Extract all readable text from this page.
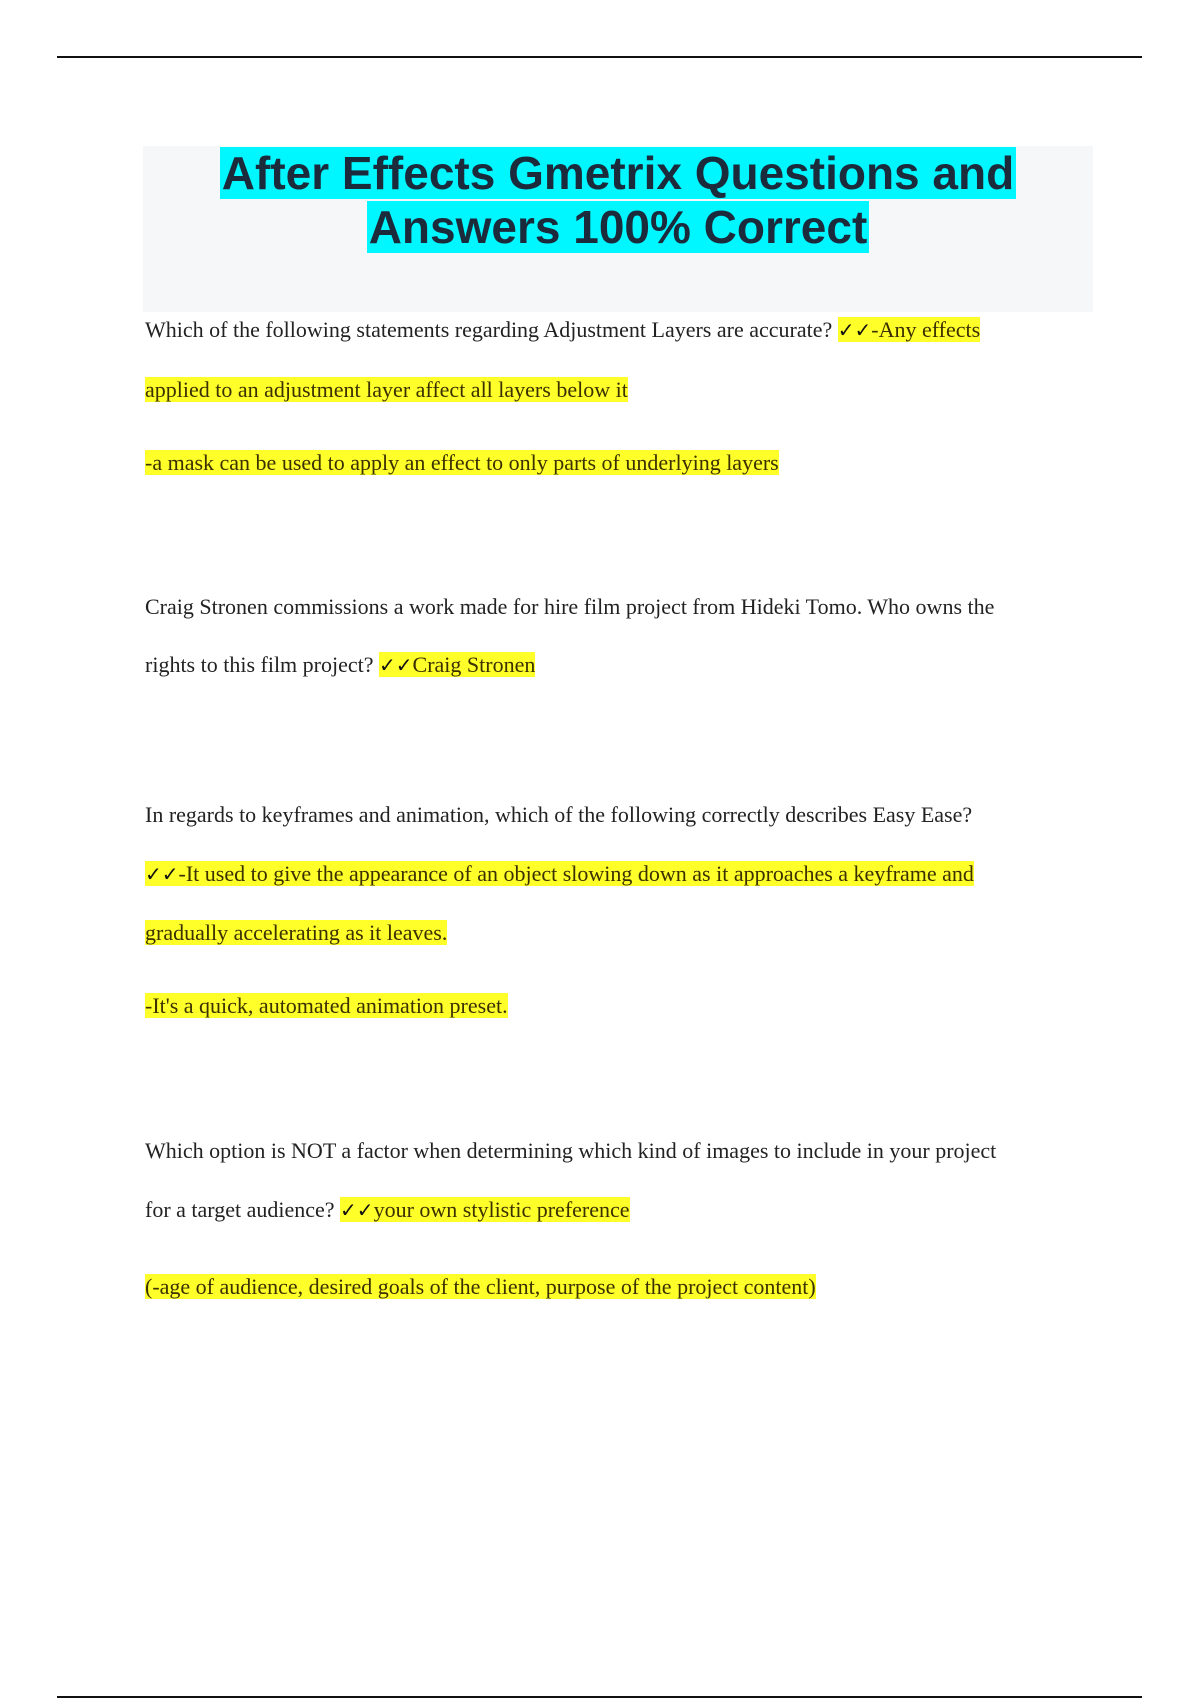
After Effects Gmetrix Questions and
Answers 100% Correct
Which of the following statements regarding Adjustment Layers are accurate? ✓✓-Any effects
applied to an adjustment layer affect all layers below it
-a mask can be used to apply an effect to only parts of underlying layers
Craig Stronen commissions a work made for hire film project from Hideki Tomo. Who owns the
rights to this film project? ✓✓Craig Stronen
In regards to keyframes and animation, which of the following correctly describes Easy Ease?
✓✓-It used to give the appearance of an object slowing down as it approaches a keyframe and
gradually accelerating as it leaves.
-It's a quick, automated animation preset.
Which option is NOT a factor when determining which kind of images to include in your project
for a target audience? ✓✓your own stylistic preference
(-age of audience, desired goals of the client, purpose of the project content)
